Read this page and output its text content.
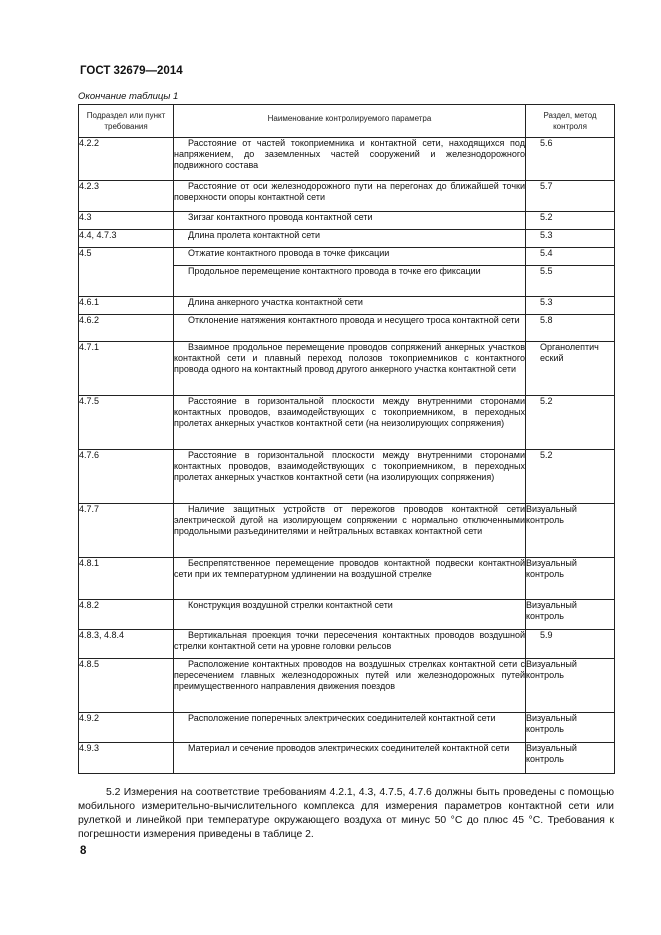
ГОСТ 32679—2014
Окончание таблицы 1
Подраздел или пункт требования	Наименование контролируемого параметра	Раздел, метод контроля
4.2.2	Расстояние от частей токоприемника и контактной сети, находящихся под напряжением, до заземленных частей сооружений и железнодорожного подвижного состава	5.6

4.2.3	Расстояние от оси железнодорожного пути на перегонах до ближайшей точки поверхности опоры контактной сети	5.7

4.3	Зигзаг контактного провода контактной сети	5.2

4.4, 4.7.3	Длина пролета контактной сети	5.3

4.5	Отжатие контактного провода в точке фиксации	5.4

	Продольное перемещение контактного провода в точке его фиксации	5.5

4.6.1	Длина анкерного участка контактной сети	5.3

4.6.2	Отклонение натяжения контактного провода и несущего троса контактной сети	5.8

4.7.1	Взаимное продольное перемещение проводов сопряжений анкерных участков контактной сети и плавный переход полозов токоприемников с контактного провода одного на контактный провод другого анкерного участка контактной сети	Органолептический
4.7.5	Расстояние в горизонтальной плоскости между внутренними сторонами контактных проводов, взаимодействующих с токоприемником, в переходных пролетах анкерных участков контактной сети (на неизолирующих сопряжения)	5.2

4.7.6	Расстояние в горизонтальной плоскости между внутренними сторонами контактных проводов, взаимодействующих с токоприемником, в переходных пролетах анкерных участков контактной сети (на изолирующих сопряжения)	5.2

4.7.7	Наличие защитных устройств от пережогов проводов контактной сети электрической дугой на изолирующем сопряжении с нормально отключенными продольными разъединителями и нейтральных вставках контактной сети	Визуальный контроль
4.8.1	Беспрепятственное перемещение проводов контактной подвески контактной сети при их температурном удлинении на воздушной стрелке	Визуальный контроль
4.8.2	Конструкция воздушной стрелки контактной сети	Визуальный контроль
4.8.3, 4.8.4	Вертикальная проекция точки пересечения контактных проводов воздушной стрелки контактной сети на уровне головки рельсов	5.9

4.8.5	Расположение контактных проводов на воздушных стрелках контактной сети с пересечением главных железнодорожных путей или железнодорожных путей преимущественного направления движения поездов	Визуальный контроль
4.9.2	Расположение поперечных электрических соединителей контактной сети	Визуальный контроль
4.9.3	Материал и сечение проводов электрических соединителей контактной сети	Визуальный контроль
5.2 Измерения на соответствие требованиям 4.2.1, 4.3, 4.7.5, 4.7.6 должны быть проведены с помощью мобильного измерительно-вычислительного комплекса для измерения параметров контактной сети или рулеткой и линейкой при температуре окружающего воздуха от минус 50 °С до плюс 45 °С. Требования к погрешности измерения приведены в таблице 2.
8
